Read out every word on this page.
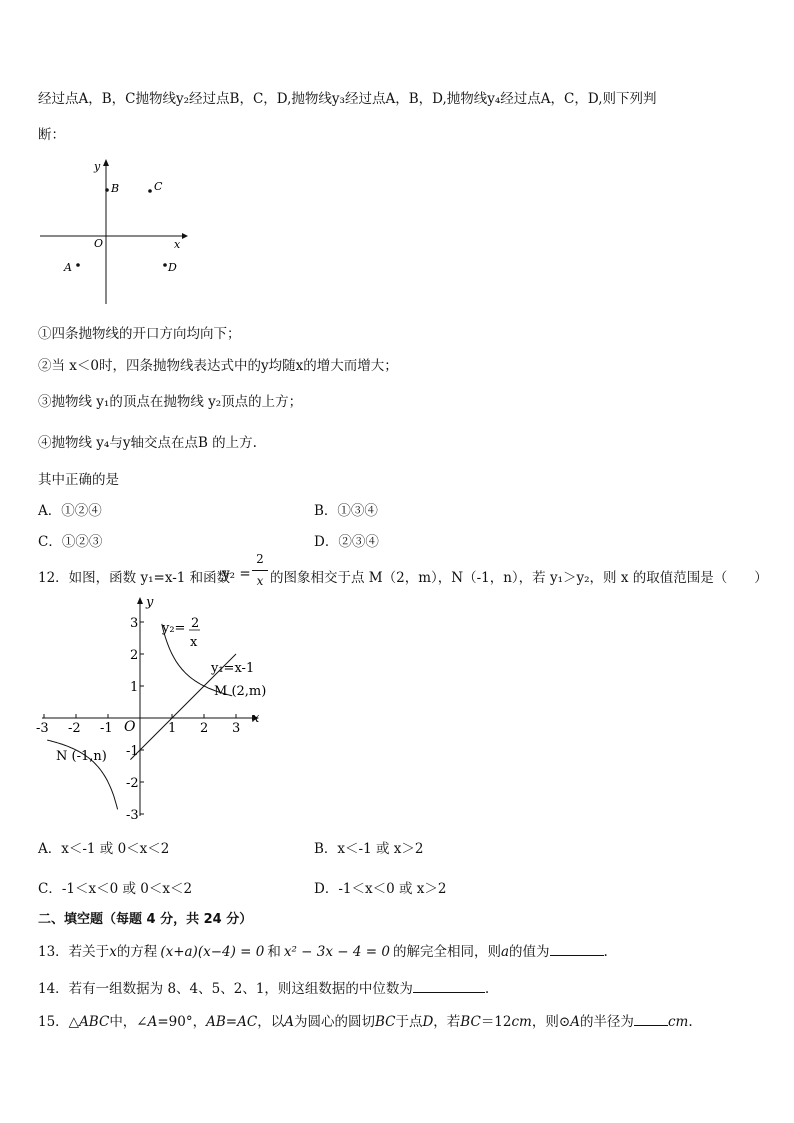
经过点A，B，C抛物线y₂经过点B，C，D,抛物线y₃经过点A，B，D,抛物线y₄经过点A，C，D,则下列判
断：
x
y
O
B	C
A	D
①四条抛物线的开口方向均向下；
②当 x＜0时，四条抛物线表达式中的y均随x的增大而增大；
③抛物线 y₁的顶点在抛物线 y₂顶点的上方；
④抛物线 y₄与y轴交点在点B 的上方.
其中正确的是
A．①②④	B．①③④
C．①②③	D．②③④
12．如图，函数 y₁=x-1 和函数
y₂ =
2
x 的图象相交于点 M（2，m），N（-1，n），若 y₁＞y₂，则 x 的取值范围是（　　）
y
x
O
-3 -2 -1	1 2 3
3
2
1
-1
-2
-3
y₂= 2
x
y₁=x-1
M (2,m)
N (-1,n)
A．x＜-1 或 0＜x＜2	B．x＜-1 或 x＞2
C．-1＜x＜0 或 0＜x＜2	D．-1＜x＜0 或 x＞2
二、填空题（每题 4 分，共 24 分）
13．若关于x的方程 (x+a)(x−4) = 0 和 x² − 3x − 4 = 0 的解完全相同，则a的值为	.
14．若有一组数据为 8、4、5、2、1，则这组数据的中位数为	.
15．△ABC中，∠A=90°，AB=AC，以A为圆心的圆切BC于点D，若BC＝12cm，则⊙A的半径为	cm.
